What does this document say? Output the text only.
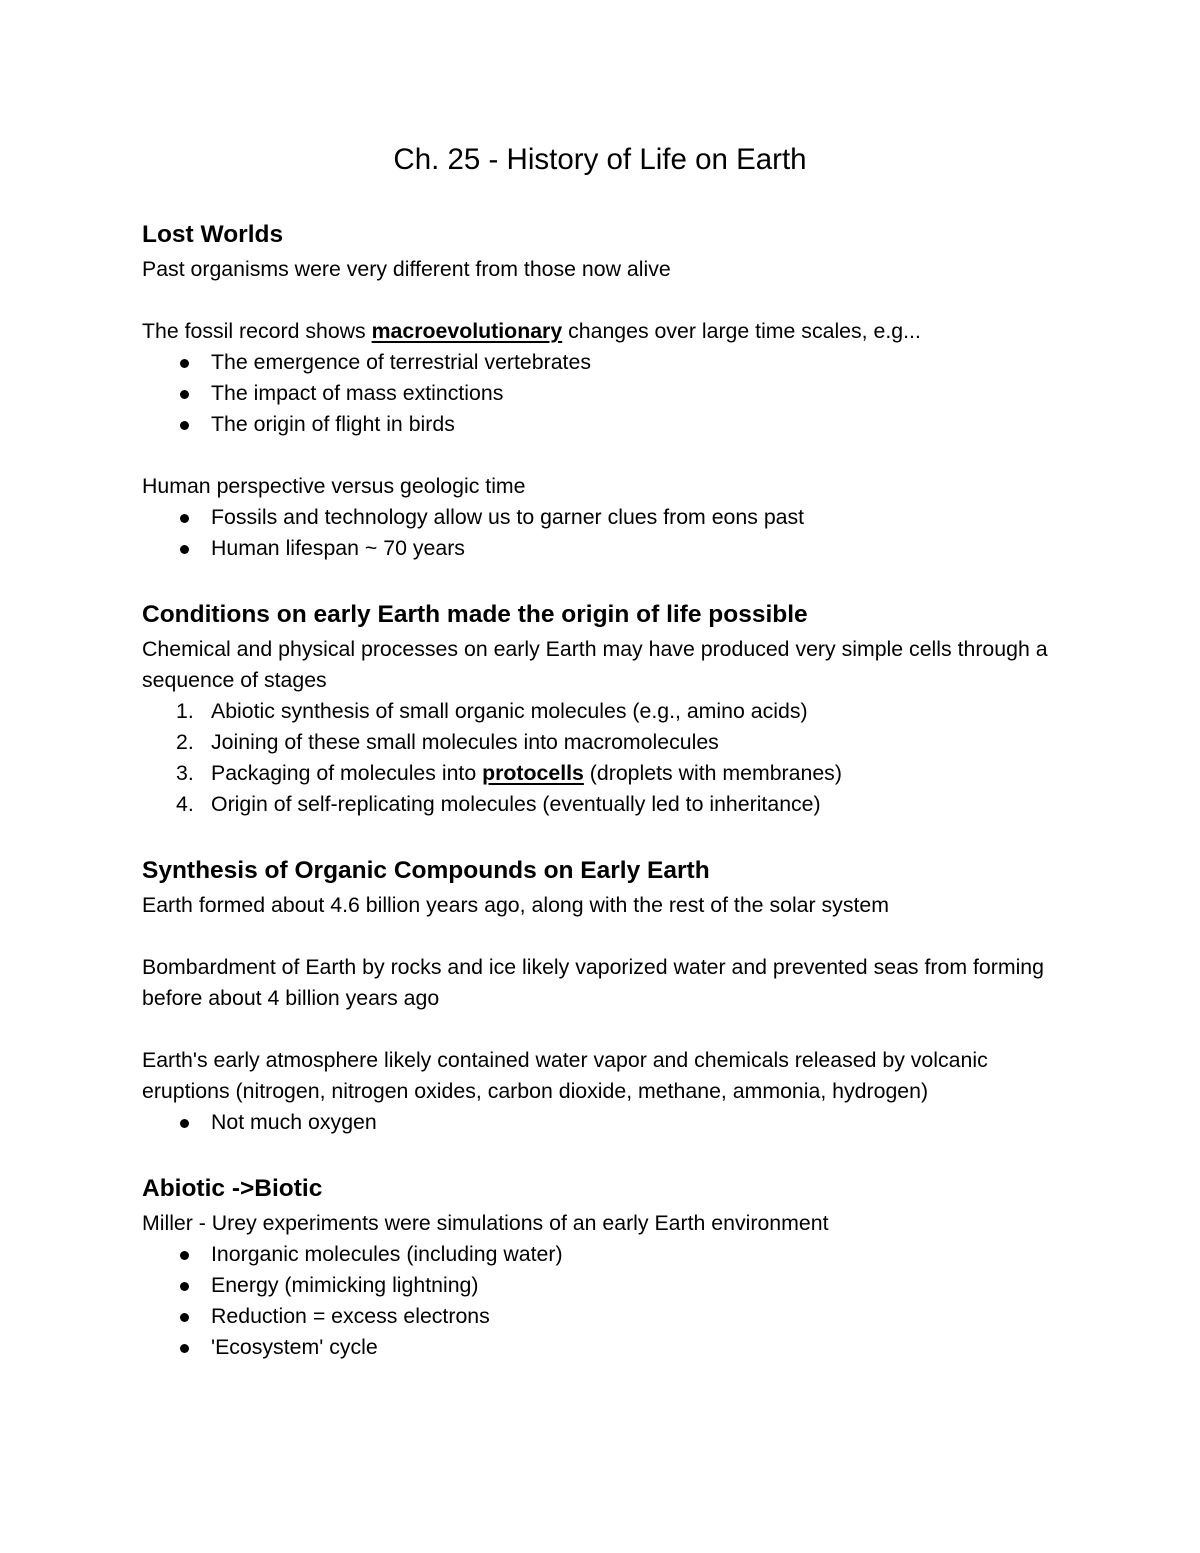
Ch. 25 - History of Life on Earth
Lost Worlds

Past organisms were very different from those now alive

The fossil record shows macroevolutionary changes over large time scales, e.g...

The emergence of terrestrial vertebrates
The impact of mass extinctions
The origin of flight in birds

Human perspective versus geologic time

Fossils and technology allow us to garner clues from eons past
Human lifespan ~ 70 years
Conditions on early Earth made the origin of life possible

Chemical and physical processes on early Earth may have produced very simple cells through a sequence of stages

1. Abiotic synthesis of small organic molecules (e.g., amino acids)
2. Joining of these small molecules into macromolecules
3. Packaging of molecules into protocells (droplets with membranes)
4. Origin of self-replicating molecules (eventually led to inheritance)
Synthesis of Organic Compounds on Early Earth

Earth formed about 4.6 billion years ago, along with the rest of the solar system

Bombardment of Earth by rocks and ice likely vaporized water and prevented seas from forming before about 4 billion years ago

Earth's early atmosphere likely contained water vapor and chemicals released by volcanic eruptions (nitrogen, nitrogen oxides, carbon dioxide, methane, ammonia, hydrogen)

Not much oxygen
Abiotic ->Biotic

Miller - Urey experiments were simulations of an early Earth environment

Inorganic molecules (including water)
Energy (mimicking lightning)
Reduction = excess electrons
'Ecosystem' cycle
